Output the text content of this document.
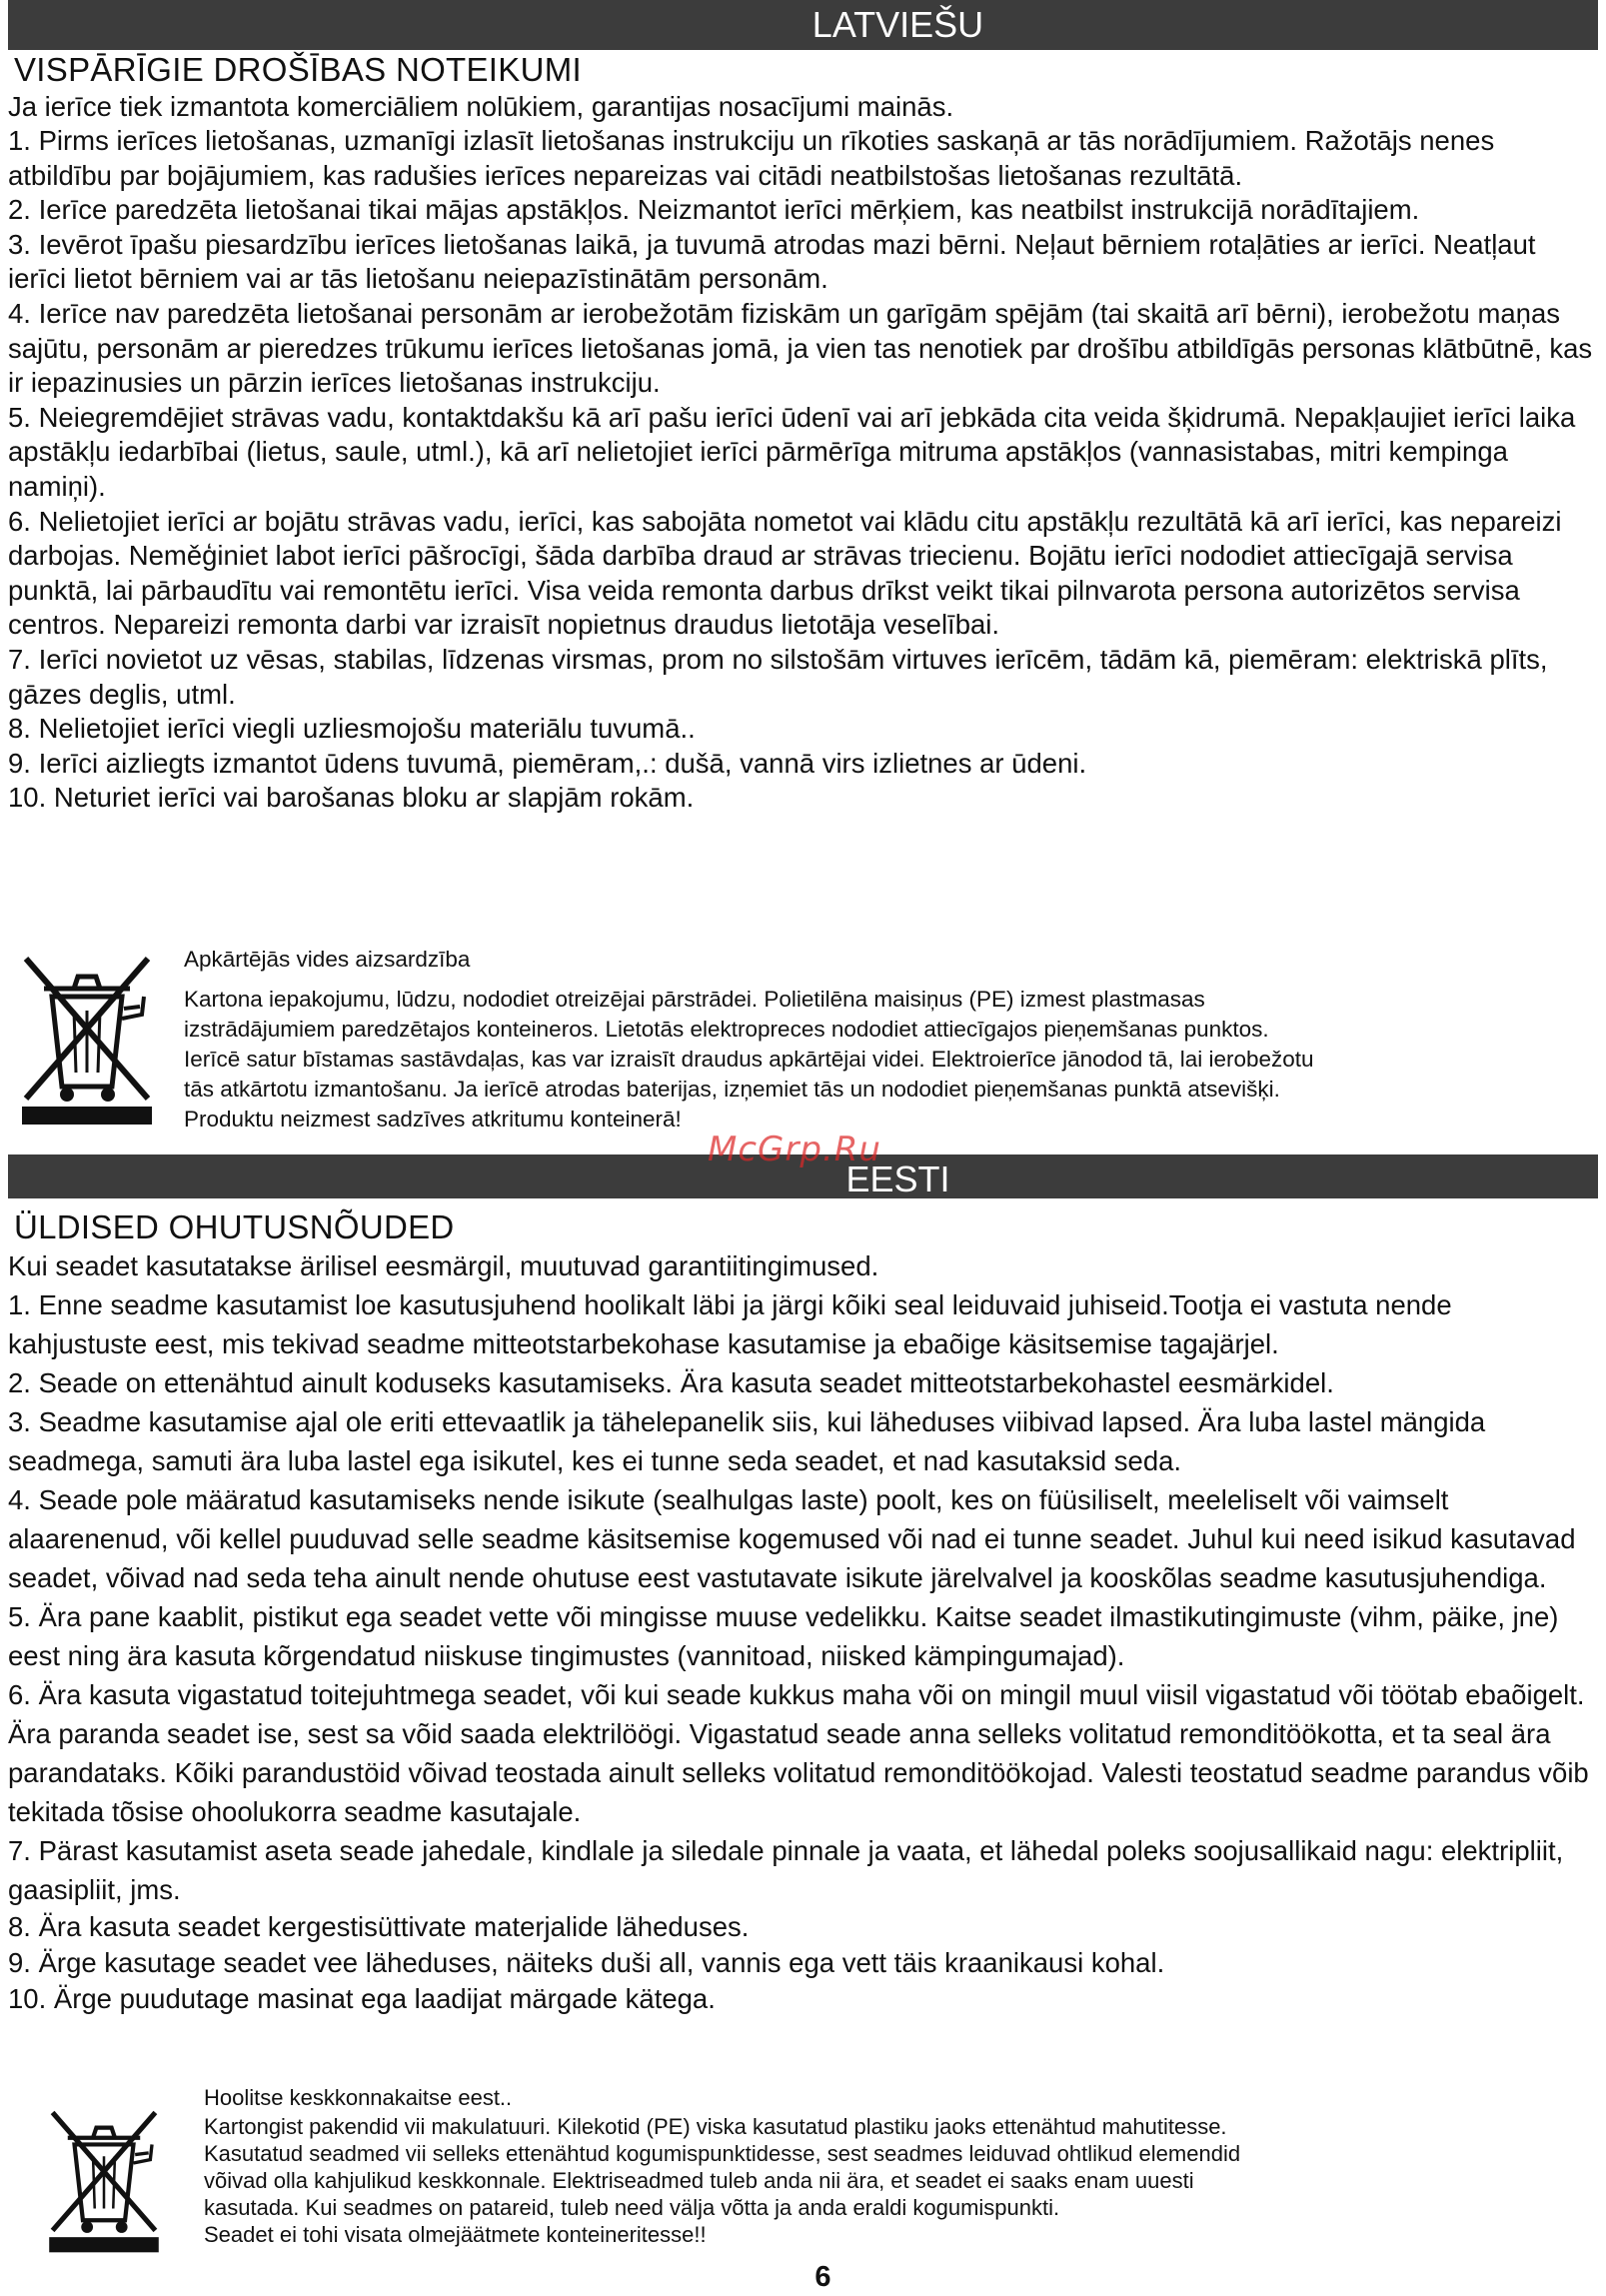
LATVIEŠU
VISPĀRĪGIE DROŠĪBAS NOTEIKUMI

Ja ierīce tiek izmantota komerciāliem nolūkiem, garantijas nosacījumi mainās.

1. Pirms ierīces lietošanas, uzmanīgi izlasīt lietošanas instrukciju un rīkoties saskaņā ar tās norādījumiem. Ražotājs nenes atbildību par bojājumiem, kas radušies ierīces nepareizas vai citādi neatbilstošas lietošanas rezultātā.
2. Ierīce paredzēta lietošanai tikai mājas apstākļos. Neizmantot ierīci mērķiem, kas neatbilst instrukcijā norādītajiem.
3. Ievērot īpašu piesardzību ierīces lietošanas laikā, ja tuvumā atrodas mazi bērni. Neļaut bērniem rotaļāties ar ierīci. Neatļaut ierīci lietot bērniem vai ar tās lietošanu neiepazīstinātām personām.
4. Ierīce nav paredzēta lietošanai personām ar ierobežotām fiziskām un garīgām spējām (tai skaitā arī bērni), ierobežotu maņas sajūtu, personām ar pieredzes trūkumu ierīces lietošanas jomā, ja vien tas nenotiek par drošību atbildīgās personas klātbūtnē, kas ir iepazinusies un pārzin ierīces lietošanas instrukciju.
5. Neiegremdējiet strāvas vadu, kontaktdakšu kā arī pašu ierīci ūdenī vai arī jebkāda cita veida šķidrumā. Nepakļaujiet ierīci laika apstākļu iedarbībai (lietus, saule, utml.), kā arī nelietojiet ierīci pārmērīga mitruma apstākļos (vannasistabas, mitri kempinga namiņi).
6. Nelietojiet ierīci ar bojātu strāvas vadu, ierīci, kas sabojāta nometot vai klādu citu apstākļu rezultātā kā arī ierīci, kas nepareizi darbojas. Neměģiniet labot ierīci pāšrocīgi, šāda darbība draud ar strāvas triecienu. Bojātu ierīci nododiet attiecīgajā servisa punktā, lai pārbaudītu vai remontētu ierīci. Visa veida remonta darbus drīkst veikt tikai pilnvarota persona autorizētos servisa centros. Nepareizi remonta darbi var izraisīt nopietnus draudus lietotāja veselībai.
7. Ierīci novietot uz vēsas, stabilas, līdzenas virsmas, prom no silstošām virtuves ierīcēm, tādām kā, piemēram: elektriskā plīts, gāzes deglis, utml.
8. Nelietojiet ierīci viegli uzliesmojošu materiālu tuvumā..
9. Ierīci aizliegts izmantot ūdens tuvumā, piemēram,.: dušā, vannā virs izlietnes ar ūdeni.
10. Neturiet ierīci vai barošanas bloku ar slapjām rokām.

Apkārtējās vides aizsardzība

Kartona iepakojumu, lūdzu, nododiet otreizējai pārstrādei. Polietilēna maisiņus (PE) izmest plastmasas

izstrādājumiem paredzētajos konteineros. Lietotās elektropreces nododiet attiecīgajos pieņemšanas punktos.

Ierīcē satur bīstamas sastāvdaļas, kas var izraisīt draudus apkārtējai videi. Elektroierīce jānodod tā, lai ierobežotu

tās atkārtotu izmantošanu. Ja ierīcē atrodas baterijas, izņemiet tās un nododiet pieņemšanas punktā atsevišķi.

Produktu neizmest sadzīves atkritumu konteinerā!

EESTI
McGrp.Ru
ÜLDISED OHUTUSNÕUDED

Kui seadet kasutatakse ärilisel eesmärgil, muutuvad garantiitingimused.

1. Enne seadme kasutamist loe kasutusjuhend hoolikalt läbi ja järgi kõiki seal leiduvaid juhiseid.Tootja ei vastuta nende kahjustuste eest, mis tekivad seadme mitteotstarbekohase kasutamise ja ebaõige käsitsemise tagajärjel.
2. Seade on ettenähtud ainult koduseks kasutamiseks. Ära kasuta seadet mitteotstarbekohastel eesmärkidel.
3. Seadme kasutamise ajal ole eriti ettevaatlik ja tähelepanelik siis, kui läheduses viibivad lapsed. Ära luba lastel mängida seadmega, samuti ära luba lastel ega isikutel, kes ei tunne seda seadet, et nad kasutaksid seda.
4. Seade pole määratud kasutamiseks nende isikute (sealhulgas laste) poolt, kes on füüsiliselt, meeleliselt või vaimselt alaarenenud, või kellel puuduvad selle seadme käsitsemise kogemused või nad ei tunne seadet. Juhul kui need isikud kasutavad seadet, võivad nad seda teha ainult nende ohutuse eest vastutavate isikute järelvalvel ja kooskõlas seadme kasutusjuhendiga.
5. Ära pane kaablit, pistikut ega seadet vette või mingisse muuse vedelikku. Kaitse seadet ilmastikutingimuste (vihm, päike, jne) eest ning ära kasuta kõrgendatud niiskuse tingimustes (vannitoad, niisked kämpingumajad).
6. Ära kasuta vigastatud toitejuhtmega seadet, või kui seade kukkus maha või on mingil muul viisil vigastatud või töötab ebaõigelt. Ära paranda seadet ise, sest sa võid saada elektrilöögi. Vigastatud seade anna selleks volitatud remonditöökotta, et ta seal ära parandataks. Kõiki parandustöid võivad teostada ainult selleks volitatud remonditöökojad. Valesti teostatud seadme parandus võib tekitada tõsise ohoolukorra seadme kasutajale.
7. Pärast kasutamist aseta seade jahedale, kindlale ja siledale pinnale ja vaata, et lähedal poleks soojusallikaid nagu: elektripliit, gaasipliit, jms.
8. Ära kasuta seadet kergestisüttivate materjalide läheduses.
9. Ärge kasutage seadet vee läheduses, näiteks duši all, vannis ega vett täis kraanikausi kohal.
10. Ärge puudutage masinat ega laadijat märgade kätega.

Hoolitse keskkonnakaitse eest..

Kartongist pakendid vii makulatuuri. Kilekotid (PE) viska kasutatud plastiku jaoks ettenähtud mahutitesse.

Kasutatud seadmed vii selleks ettenähtud kogumispunktidesse, sest seadmes leiduvad ohtlikud elemendid

võivad olla kahjulikud keskkonnale. Elektriseadmed tuleb anda nii ära, et seadet ei saaks enam uuesti

kasutada. Kui seadmes on patareid, tuleb need välja võtta ja anda eraldi kogumispunkti.

Seadet ei tohi visata olmejäätmete konteineritesse!!

6
